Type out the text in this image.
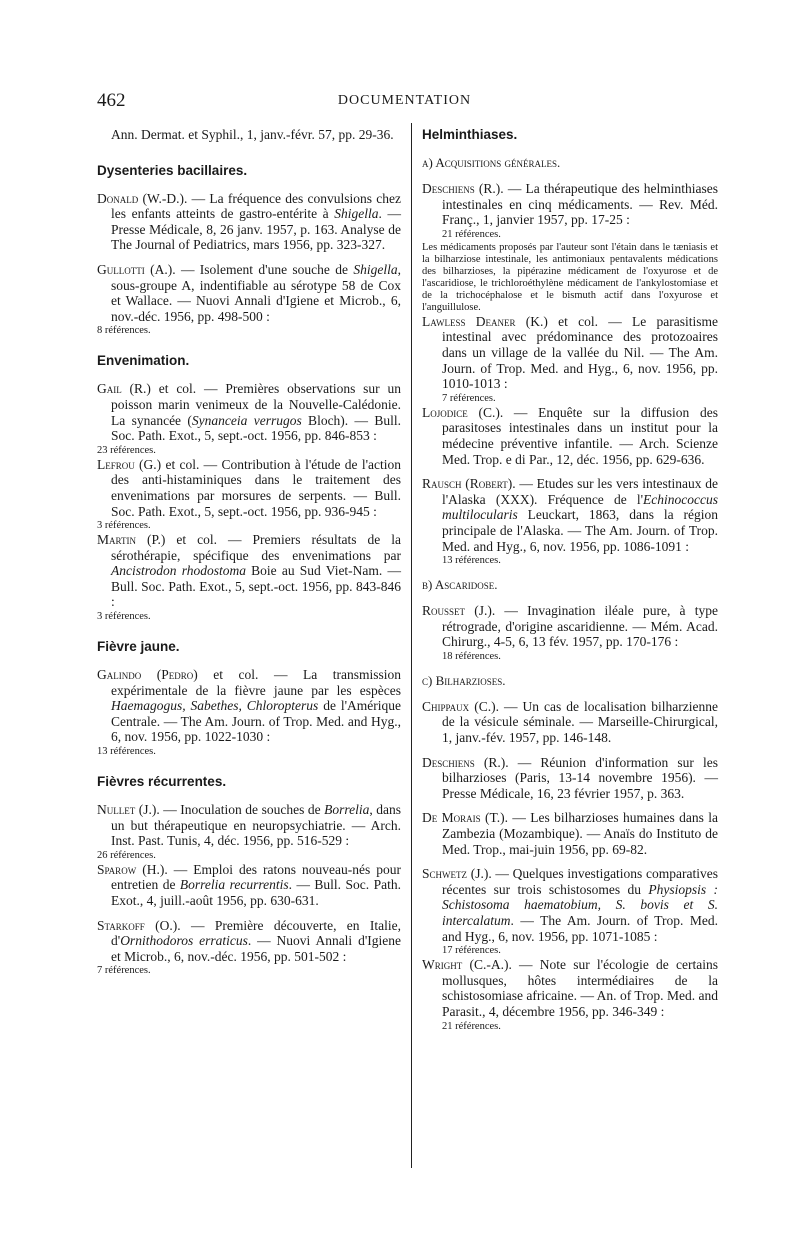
462	DOCUMENTATION

Ann. Dermat. et Syphil., 1, janv.-févr. 57, pp. 29-36.

Dysenteries bacillaires.

Donald (W.-D.). — La fréquence des convulsions chez les enfants atteints de gastro-entérite à Shigella. — Presse Médicale, 8, 26 janv. 1957, p. 163. Analyse de The Journal of Pediatrics, mars 1956, pp. 323-327.

Gullotti (A.). — Isolement d'une souche de Shigella, sous-groupe A, indentifiable au sérotype 58 de Cox et Wallace. — Nuovi Annali d'Igiene et Microb., 6, nov.-déc. 1956, pp. 498-500 :

8 références.

Envenimation.

Gail (R.) et col. — Premières observations sur un poisson marin venimeux de la Nouvelle-Calédonie. La synancée (Synanceia verrugos Bloch). — Bull. Soc. Path. Exot., 5, sept.-oct. 1956, pp. 846-853 :

23 références.

Lefrou (G.) et col. — Contribution à l'étude de l'action des anti-histaminiques dans le traitement des envenimations par morsures de serpents. — Bull. Soc. Path. Exot., 5, sept.-oct. 1956, pp. 936-945 :

3 références.

Martin (P.) et col. — Premiers résultats de la sérothérapie, spécifique des envenimations par Ancistrodon rhodostoma Boie au Sud Viet-Nam. — Bull. Soc. Path. Exot., 5, sept.-oct. 1956, pp. 843-846 :

3 références.

Fièvre jaune.

Galindo (Pedro) et col. — La transmission expérimentale de la fièvre jaune par les espèces Haemagogus, Sabethes, Chloropterus de l'Amérique Centrale. — The Am. Journ. of Trop. Med. and Hyg., 6, nov. 1956, pp. 1022-1030 :

13 références.

Fièvres récurrentes.

Nullet (J.). — Inoculation de souches de Borrelia, dans un but thérapeutique en neuropsychiatrie. — Arch. Inst. Past. Tunis, 4, déc. 1956, pp. 516-529 :

26 références.

Sparow (H.). — Emploi des ratons nouveau-nés pour entretien de Borrelia recurrentis. — Bull. Soc. Path. Exot., 4, juill.-août 1956, pp. 630-631.

Starkoff (O.). — Première découverte, en Italie, d'Ornithodoros erraticus. — Nuovi Annali d'Igiene et Microb., 6, nov.-déc. 1956, pp. 501-502 :

7 références.

Helminthiases.
a) Acquisitions générales.

Deschiens (R.). — La thérapeutique des helminthiases intestinales en cinq médicaments. — Rev. Méd. Franç., 1, janvier 1957, pp. 17-25 :

21 références.

Les médicaments proposés par l'auteur sont l'étain dans le tæniasis et la bilharziose intestinale, les antimoniaux pentavalents médications des bilharzioses, la pipérazine médicament de l'oxyurose et de l'ascaridiose, le trichloroéthylène médicament de l'ankylostomiase et de la trichocéphalose et le bismuth actif dans l'oxyurose et l'anguillulose.

Lawless Deaner (K.) et col. — Le parasitisme intestinal avec prédominance des protozoaires dans un village de la vallée du Nil. — The Am. Journ. of Trop. Med. and Hyg., 6, nov. 1956, pp. 1010-1013 :

7 références.

Lojodice (C.). — Enquête sur la diffusion des parasitoses intestinales dans un institut pour la médecine préventive infantile. — Arch. Scienze Med. Trop. e di Par., 12, déc. 1956, pp. 629-636.

Rausch (Robert). — Etudes sur les vers intestinaux de l'Alaska (XXX). Fréquence de l'Echinococcus multilocularis Leuckart, 1863, dans la région principale de l'Alaska. — The Am. Journ. of Trop. Med. and Hyg., 6, nov. 1956, pp. 1086-1091 :

13 références.

b) Ascaridose.

Rousset (J.). — Invagination iléale pure, à type rétrograde, d'origine ascaridienne. — Mém. Acad. Chirurg., 4-5, 6, 13 fév. 1957, pp. 170-176 :

18 références.

c) Bilharzioses.

Chippaux (C.). — Un cas de localisation bilharzienne de la vésicule séminale. — Marseille-Chirurgical, 1, janv.-fév. 1957, pp. 146-148.

Deschiens (R.). — Réunion d'information sur les bilharzioses (Paris, 13-14 novembre 1956). — Presse Médicale, 16, 23 février 1957, p. 363.

De Morais (T.). — Les bilharzioses humaines dans la Zambezia (Mozambique). — Anaïs do Instituto de Med. Trop., mai-juin 1956, pp. 69-82.

Schwetz (J.). — Quelques investigations comparatives récentes sur trois schistosomes du Physiopsis : Schistosoma haematobium, S. bovis et S. intercalatum. — The Am. Journ. of Trop. Med. and Hyg., 6, nov. 1956, pp. 1071-1085 :

17 références.

Wright (C.-A.). — Note sur l'écologie de certains mollusques, hôtes intermédiaires de la schistosomiase africaine. — An. of Trop. Med. and Parasit., 4, décembre 1956, pp. 346-349 :

21 références.
